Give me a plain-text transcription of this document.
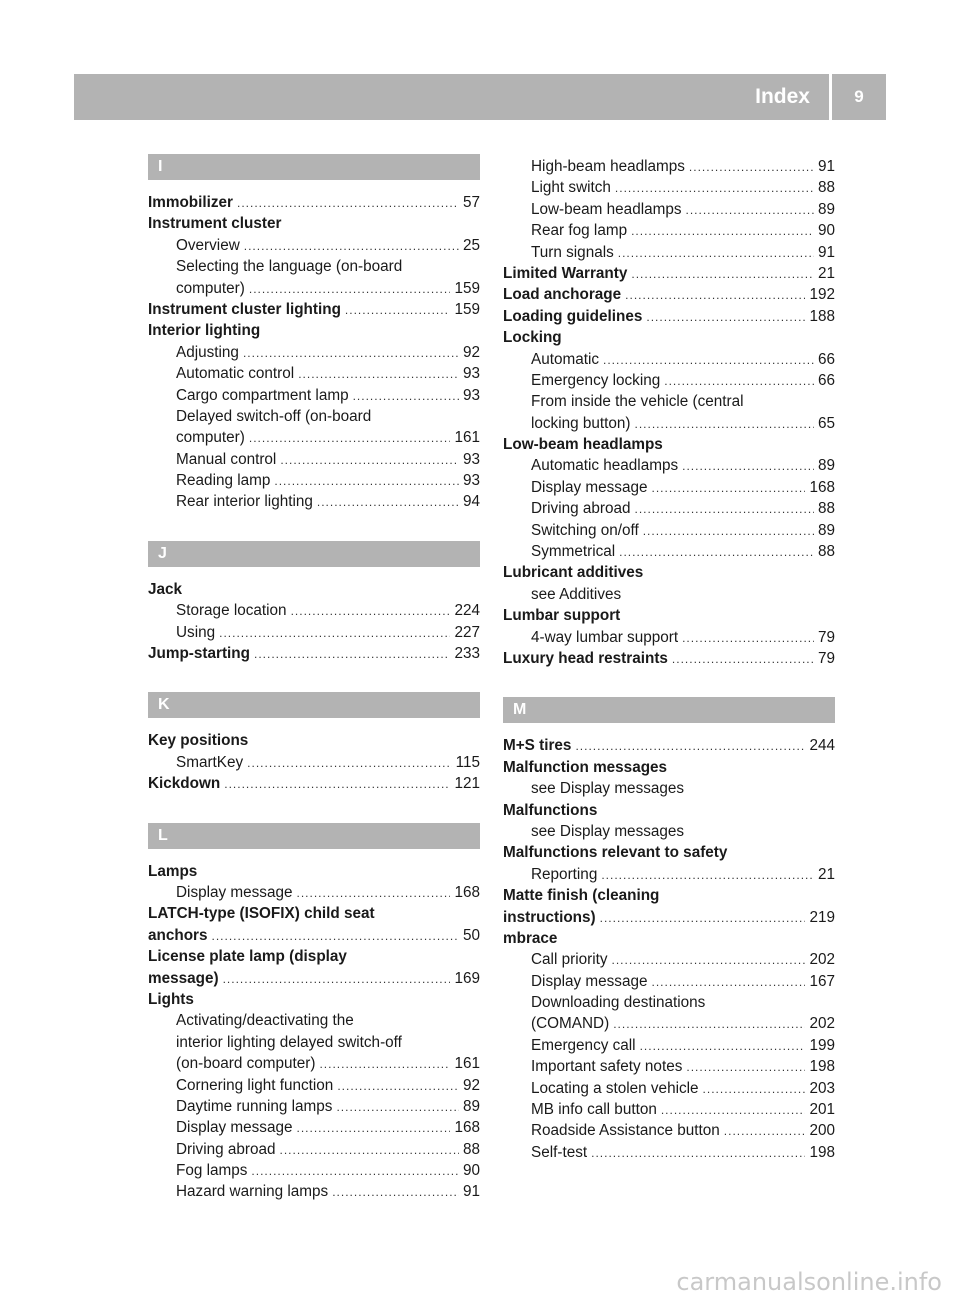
Index	9
I
Immobilizer .....	57
Instrument cluster
Overview .....	25
Selecting the language (on-board
computer) .....	159
Instrument cluster lighting .....	159
Interior lighting
Adjusting .....	92
Automatic control .....	93
Cargo compartment lamp .....	93
Delayed switch-off (on-board
computer) .....	161
Manual control .....	93
Reading lamp .....	93
Rear interior lighting .....	94
J
Jack
Storage location .....	224
Using .....	227
Jump-starting .....	233
K
Key positions
SmartKey .....	115
Kickdown .....	121
L
Lamps
Display message .....	168
LATCH-type (ISOFIX) child seat
anchors .....	50
License plate lamp (display
message) .....	169
Lights
Activating/deactivating the
interior lighting delayed switch-off
(on-board computer) .....	161
Cornering light function .....	92
Daytime running lamps .....	89
Display message .....	168
Driving abroad .....	88
Fog lamps .....	90
Hazard warning lamps .....	91
High-beam headlamps .....	91
Light switch .....	88
Low-beam headlamps .....	89
Rear fog lamp .....	90
Turn signals .....	91
Limited Warranty .....	21
Load anchorage .....	192
Loading guidelines .....	188
Locking
Automatic .....	66
Emergency locking .....	66
From inside the vehicle (central
locking button) .....	65
Low-beam headlamps
Automatic headlamps .....	89
Display message .....	168
Driving abroad .....	88
Switching on/off .....	89
Symmetrical .....	88
Lubricant additives
see Additives
Lumbar support
4-way lumbar support .....	79
Luxury head restraints .....	79
M
M+S tires .....	244
Malfunction messages
see Display messages
Malfunctions
see Display messages
Malfunctions relevant to safety
Reporting .....	21
Matte finish (cleaning
instructions) .....	219
mbrace
Call priority .....	202
Display message .....	167
Downloading destinations
(COMAND) .....	202
Emergency call .....	199
Important safety notes .....	198
Locating a stolen vehicle .....	203
MB info call button .....	201
Roadside Assistance button .....	200
Self-test .....	198
carmanualsonline.info
